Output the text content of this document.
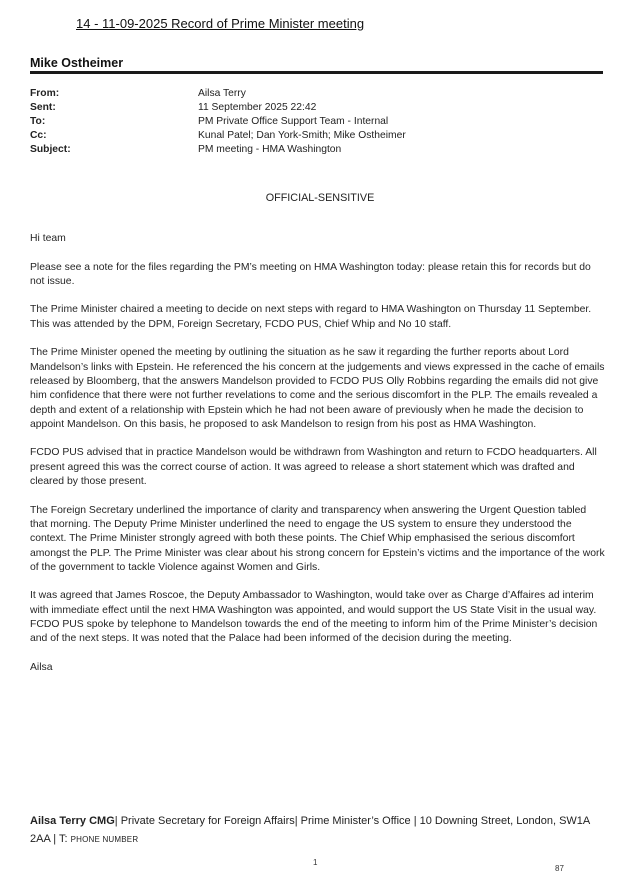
14 - 11-09-2025 Record of Prime Minister meeting
Mike Ostheimer
From:	Ailsa Terry
Sent:	11 September 2025 22:42
To:	PM Private Office Support Team - Internal
Cc:	Kunal Patel; Dan York-Smith; Mike Ostheimer
Subject:	PM meeting - HMA Washington
OFFICIAL-SENSITIVE

Hi team

Please see a note for the files regarding the PM’s meeting on HMA Washington today: please retain this for records but do not issue.

The Prime Minister chaired a meeting to decide on next steps with regard to HMA Washington on Thursday 11 September. This was attended by the DPM, Foreign Secretary, FCDO PUS, Chief Whip and No 10 staff.

The Prime Minister opened the meeting by outlining the situation as he saw it regarding the further reports about Lord Mandelson’s links with Epstein. He referenced the his concern at the judgements and views expressed in the cache of emails released by Bloomberg, that the answers Mandelson provided to FCDO PUS Olly Robbins regarding the emails did not give him confidence that there were not further revelations to come and the serious discomfort in the PLP. The emails revealed a depth and extent of a relationship with Epstein which he had not been aware of previously when he made the decision to appoint Mandelson. On this basis, he proposed to ask Mandelson to resign from his post as HMA Washington.

FCDO PUS advised that in practice Mandelson would be withdrawn from Washington and return to FCDO headquarters. All present agreed this was the correct course of action. It was agreed to release a short statement which was drafted and cleared by those present.

The Foreign Secretary underlined the importance of clarity and transparency when answering the Urgent Question tabled that morning. The Deputy Prime Minister underlined the need to engage the US system to ensure they understood the context. The Prime Minister strongly agreed with both these points. The Chief Whip emphasised the serious discomfort amongst the PLP. The Prime Minister was clear about his strong concern for Epstein’s victims and the importance of the work of the government to tackle Violence against Women and Girls.

It was agreed that James Roscoe, the Deputy Ambassador to Washington, would take over as Charge d’Affaires ad interim with immediate effect until the next HMA Washington was appointed, and would support the US State Visit in the usual way. FCDO PUS spoke by telephone to Mandelson towards the end of the meeting to inform him of the Prime Minister’s decision and of the next steps. It was noted that the Palace had been informed of the decision during the meeting.

Ailsa

Ailsa Terry CMG| Private Secretary for Foreign Affairs| Prime Minister’s Office | 10 Downing Street, London, SW1A 2AA | T: PHONE NUMBER
1
87
